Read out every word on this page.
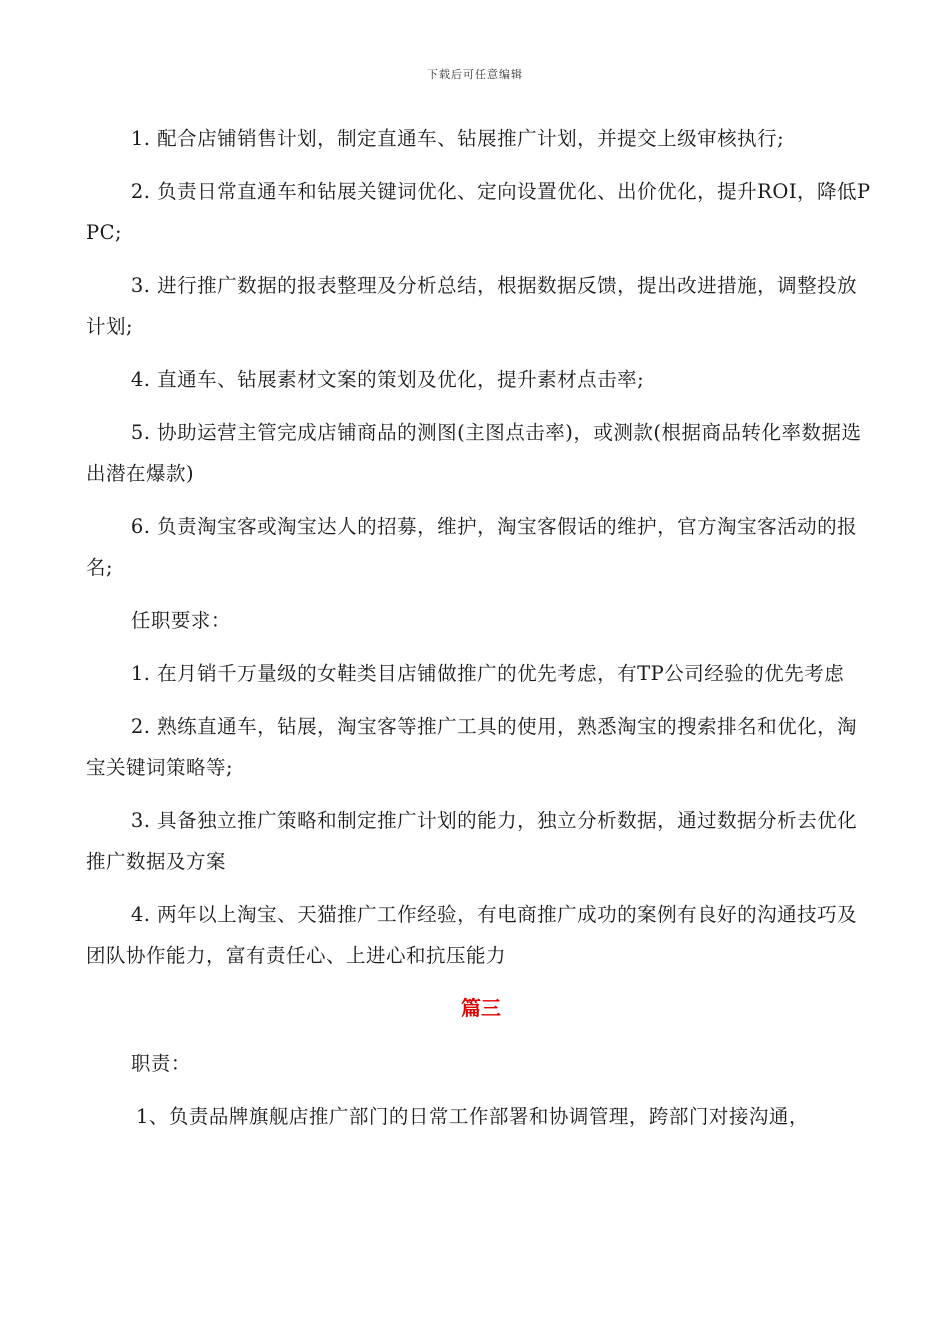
下载后可任意编辑

1. 配合店铺销售计划，制定直通车、钻展推广计划，并提交上级审核执行;

2. 负责日常直通车和钻展关键词优化、定向设置优化、出价优化，提升ROI，降低PPC;

3. 进行推广数据的报表整理及分析总结，根据数据反馈，提出改进措施，调整投放计划;

4. 直通车、钻展素材文案的策划及优化，提升素材点击率;

5. 协助运营主管完成店铺商品的测图(主图点击率)，或测款(根据商品转化率数据选出潜在爆款)

6. 负责淘宝客或淘宝达人的招募，维护，淘宝客假话的维护，官方淘宝客活动的报名;

任职要求：

1. 在月销千万量级的女鞋类目店铺做推广的优先考虑，有TP公司经验的优先考虑

2. 熟练直通车，钻展，淘宝客等推广工具的使用，熟悉淘宝的搜索排名和优化，淘宝关键词策略等;

3. 具备独立推广策略和制定推广计划的能力，独立分析数据，通过数据分析去优化推广数据及方案

4. 两年以上淘宝、天猫推广工作经验，有电商推广成功的案例有良好的沟通技巧及团队协作能力，富有责任心、上进心和抗压能力

篇三

职责：

1、负责品牌旗舰店推广部门的日常工作部署和协调管理，跨部门对接沟通，
